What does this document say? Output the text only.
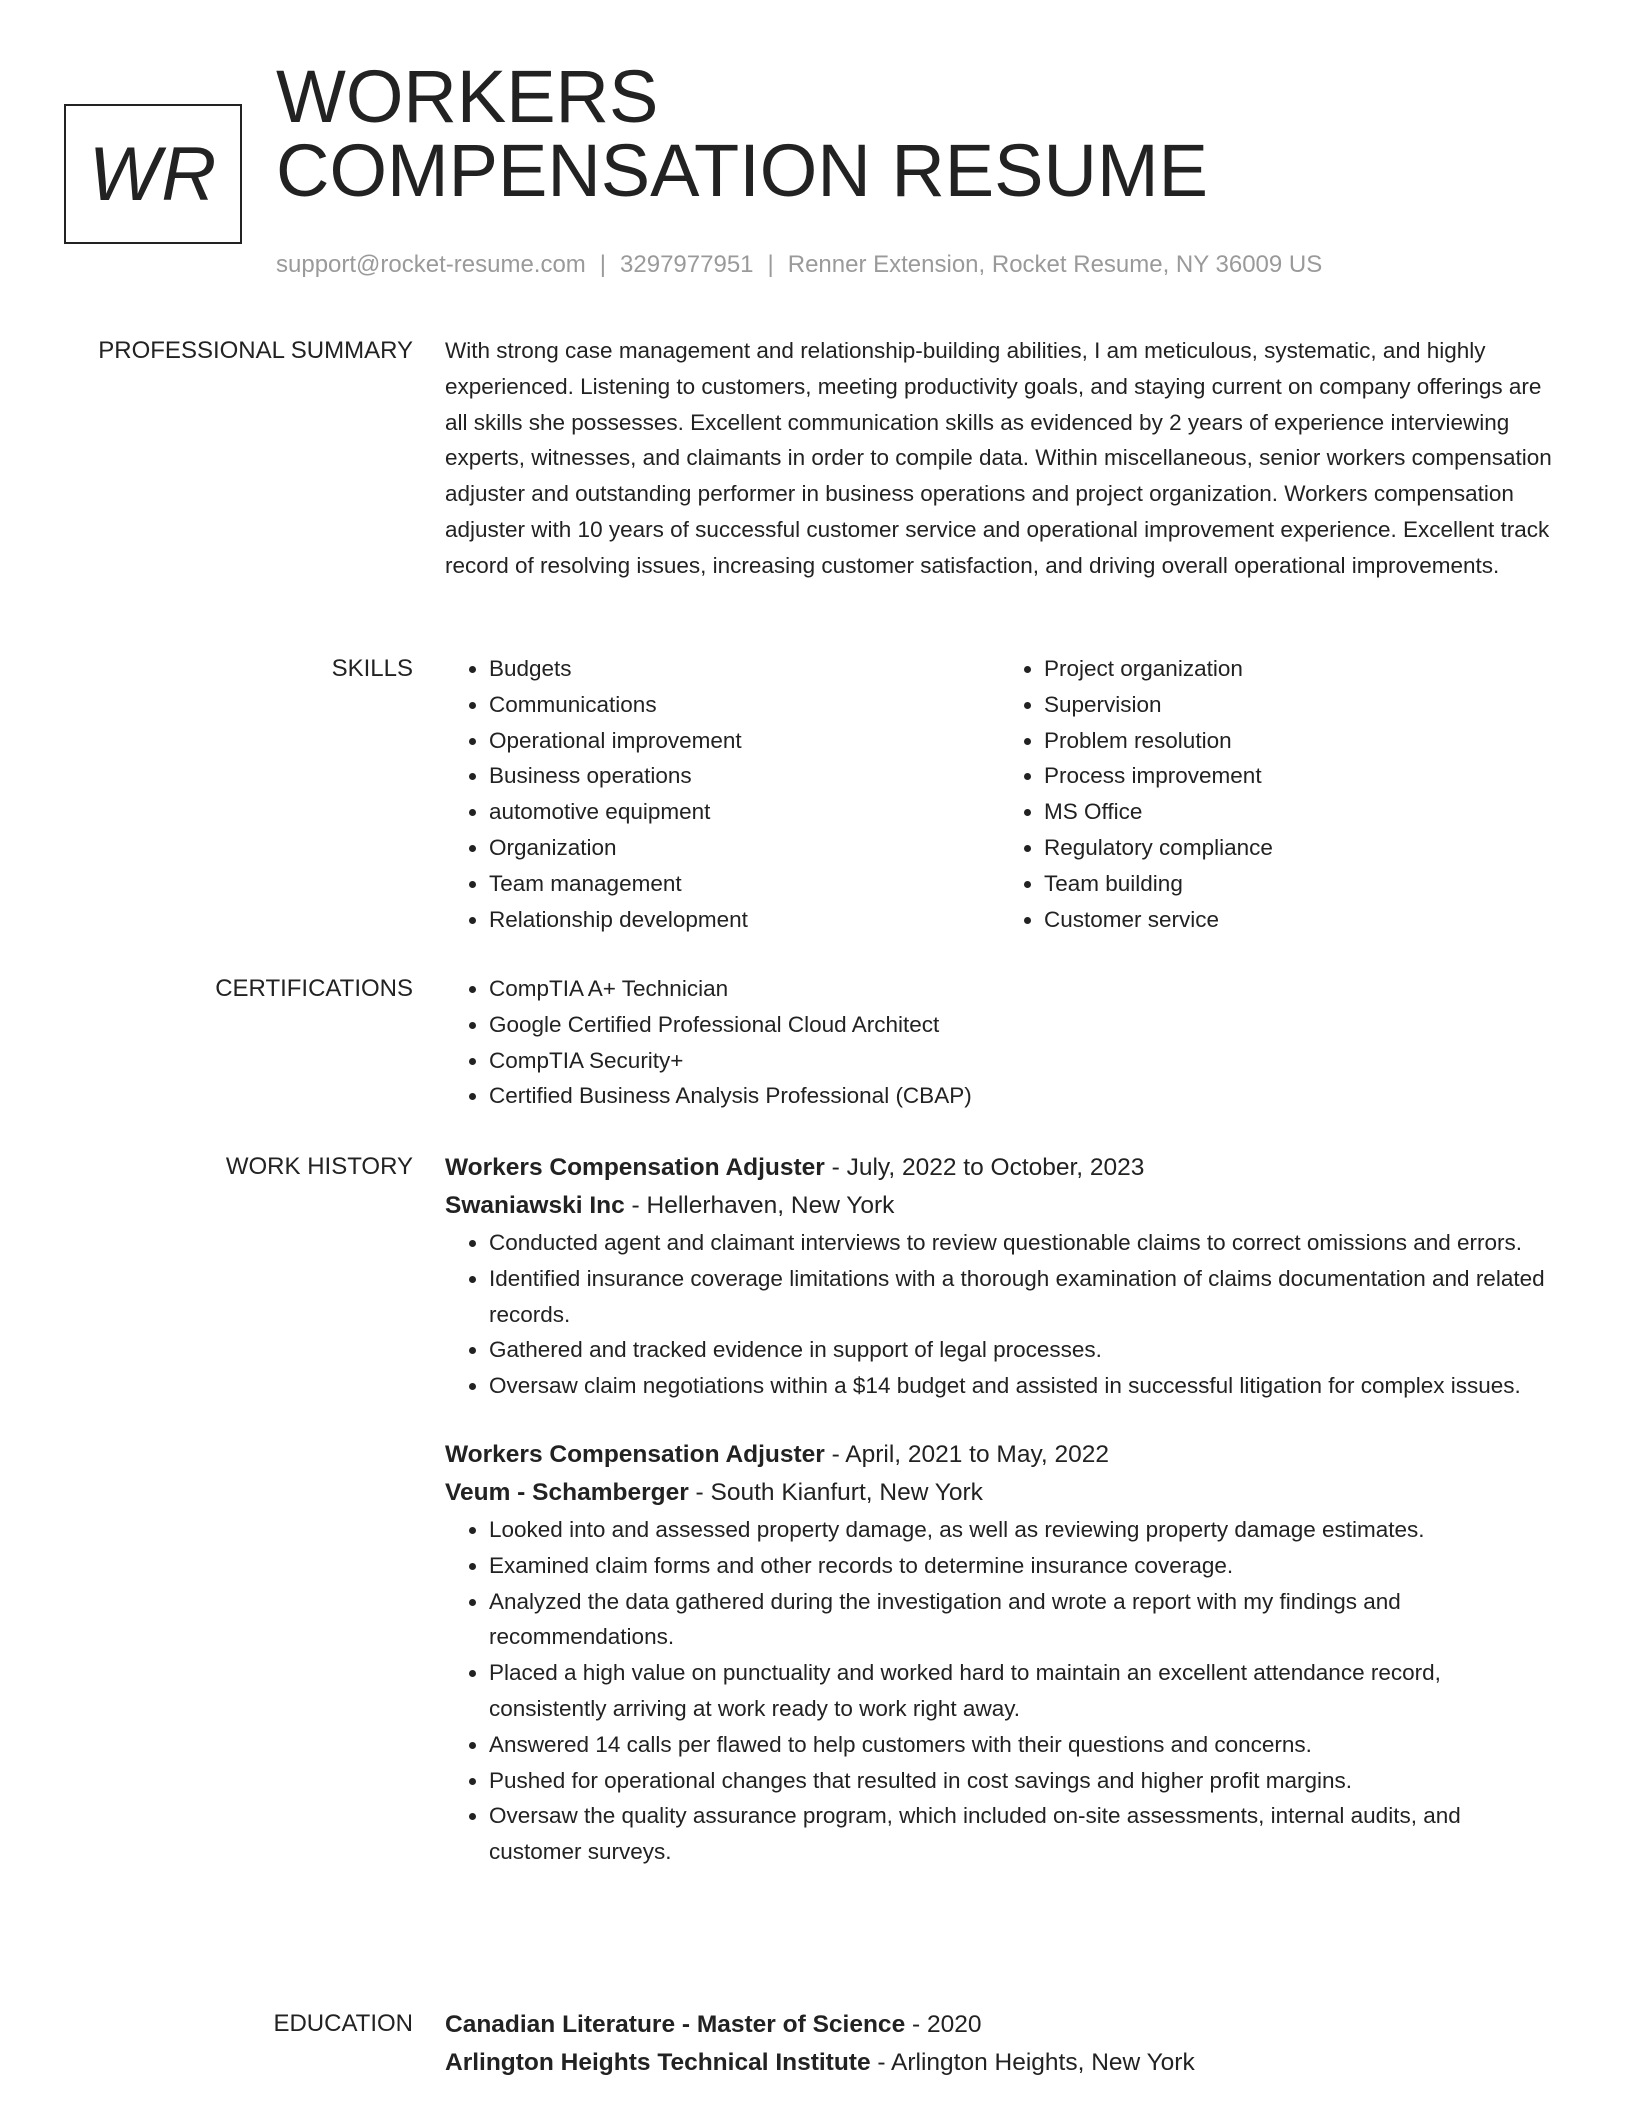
WR
WORKERS
COMPENSATION RESUME
support@rocket-resume.com | 3297977951 | Renner Extension, Rocket Resume, NY 36009 US
PROFESSIONAL SUMMARY With strong case management and relationship-building abilities, I am meticulous, systematic, and highly experienced. Listening to customers, meeting productivity goals, and staying current on company offerings are all skills she possesses. Excellent communication skills as evidenced by 2 years of experience interviewing experts, witnesses, and claimants in order to compile data. Within miscellaneous, senior workers compensation adjuster and outstanding performer in business operations and project organization. Workers compensation adjuster with 10 years of successful customer service and operational improvement experience. Excellent track record of resolving issues, increasing customer satisfaction, and driving overall operational improvements.
SKILLS	• Budgets
• Communications
• Operational improvement
• Business operations
• automotive equipment
• Organization
• Team management
• Relationship development
• Project organization
• Supervision
• Problem resolution
• Process improvement
• MS Office
• Regulatory compliance
• Team building
• Customer service
CERTIFICATIONS	• CompTIA A+ Technician
• Google Certified Professional Cloud Architect
• CompTIA Security+
• Certified Business Analysis Professional (CBAP)
WORK HISTORY Workers Compensation Adjuster - July, 2022 to October, 2023
Swaniawski Inc - Hellerhaven, New York
• Conducted agent and claimant interviews to review questionable claims to correct omissions and errors.
• Identified insurance coverage limitations with a thorough examination of claims documentation and related records.
• Gathered and tracked evidence in support of legal processes.
• Oversaw claim negotiations within a $14 budget and assisted in successful litigation for complex issues.
Workers Compensation Adjuster - April, 2021 to May, 2022
Veum - Schamberger - South Kianfurt, New York
• Looked into and assessed property damage, as well as reviewing property damage estimates.
• Examined claim forms and other records to determine insurance coverage.
• Analyzed the data gathered during the investigation and wrote a report with my findings and recommendations.
• Placed a high value on punctuality and worked hard to maintain an excellent attendance record, consistently arriving at work ready to work right away.
• Answered 14 calls per flawed to help customers with their questions and concerns.
• Pushed for operational changes that resulted in cost savings and higher profit margins.
• Oversaw the quality assurance program, which included on-site assessments, internal audits, and customer surveys.
EDUCATION Canadian Literature - Master of Science - 2020
Arlington Heights Technical Institute - Arlington Heights, New York
